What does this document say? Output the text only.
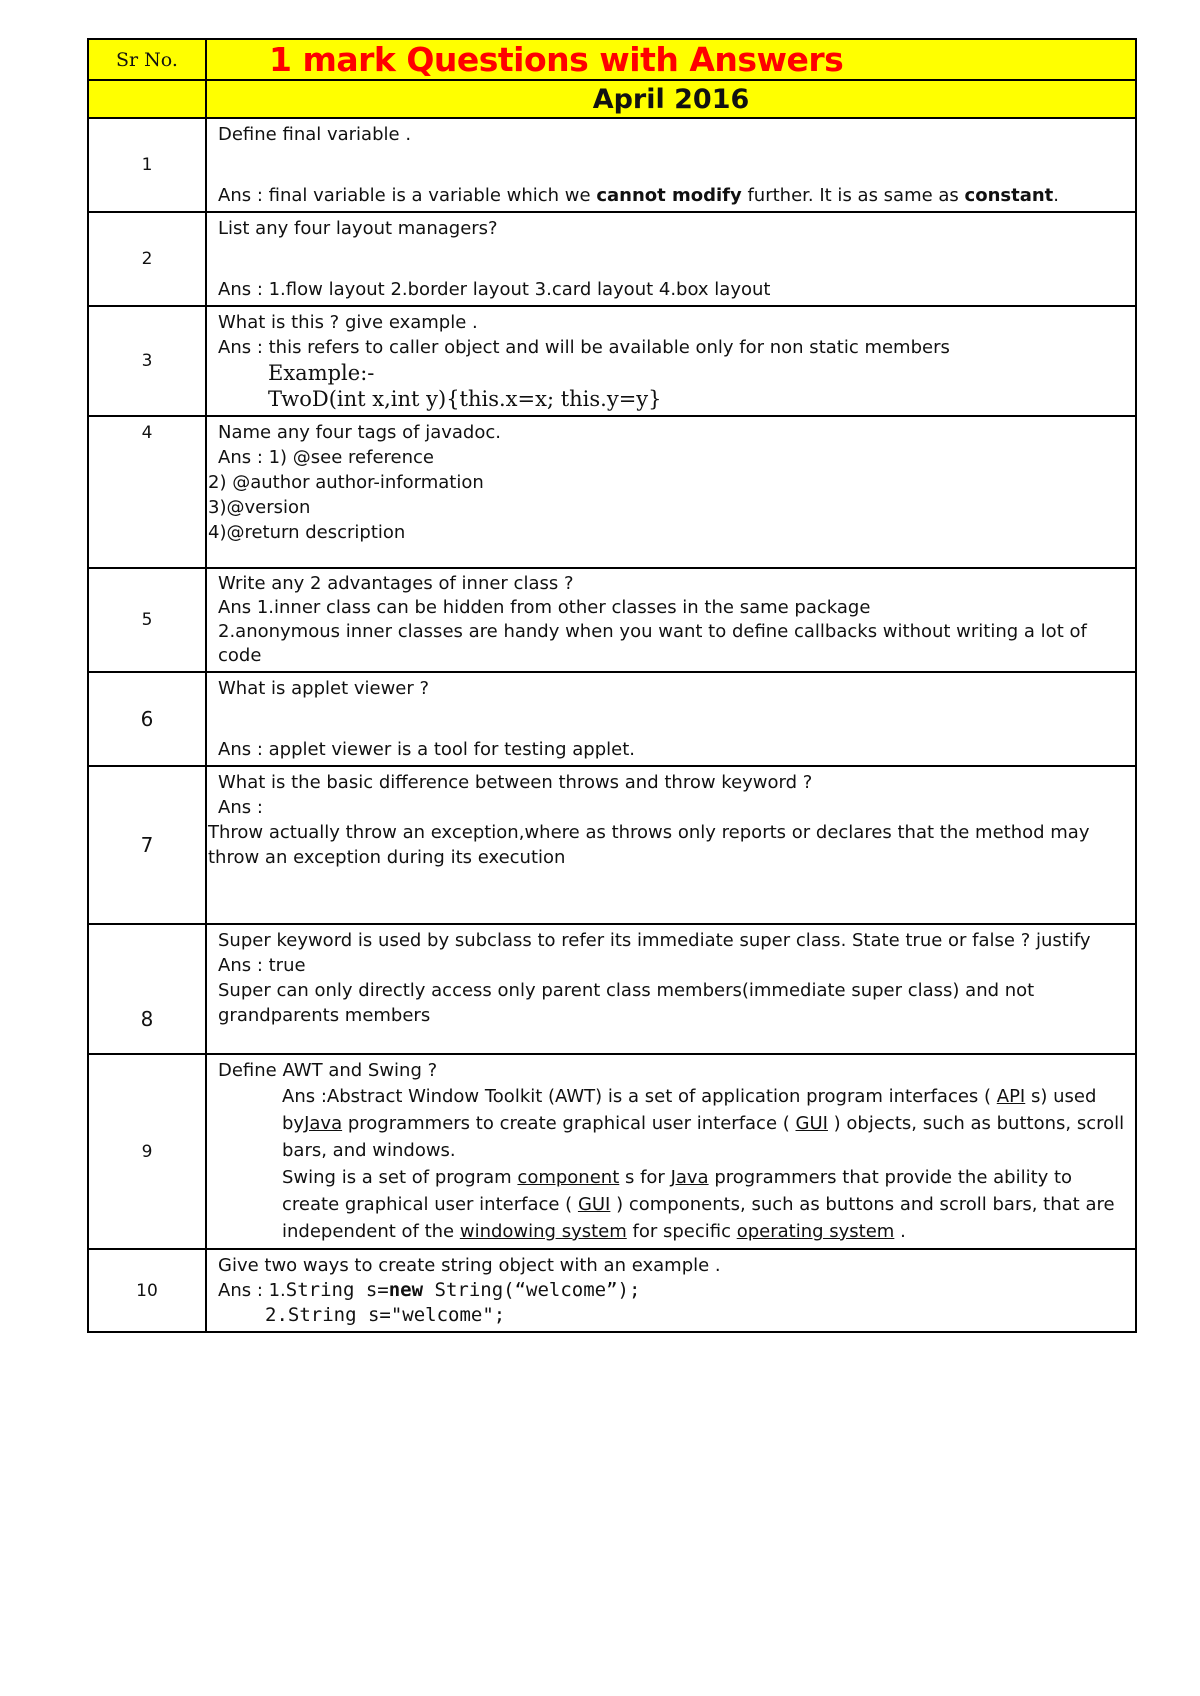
Sr No.	1 mark Questions with Answers
	April 2016
1	Define final variable .
Ans : final variable is a variable which we cannot modify further. It is as same as constant.
2	List any four layout managers?
Ans : 1.flow layout 2.border layout 3.card layout 4.box layout
3	What is this ? give example .
Ans : this refers to caller object and will be available only for non static members
Example:-
TwoD(int x,int y){this.x=x; this.y=y}

4	Name any four tags of javadoc.
Ans : 1) @see reference
2) @author author-information
3)@version
4)@return description

5	Write any 2 advantages of inner class ?
Ans 1.inner class can be hidden from other classes in the same package
2.anonymous inner classes are handy when you want to define callbacks without writing a lot of code
6	What is applet viewer ?
Ans : applet viewer is a tool for testing applet.
7	What is the basic difference between throws and throw keyword ?
Ans :
Throw actually throw an exception,where as throws only reports or declares that the method may throw an exception during its execution

8	Super keyword is used by subclass to refer its immediate super class. State true or false ? justify
Ans : true
Super can only directly access only parent class members(immediate super class) and not grandparents members
9	Define AWT and Swing ?
Ans :Abstract Window Toolkit (AWT) is a set of application program interfaces ( API s) used byJava programmers to create graphical user interface ( GUI ) objects, such as buttons, scroll bars, and windows.
Swing is a set of program component s for Java programmers that provide the ability to create graphical user interface ( GUI ) components, such as buttons and scroll bars, that are independent of the windowing system for specific operating system .

10	Give two ways to create string object with an example .
Ans : 1.String s=new String(“welcome”);
2.String s="welcome";
